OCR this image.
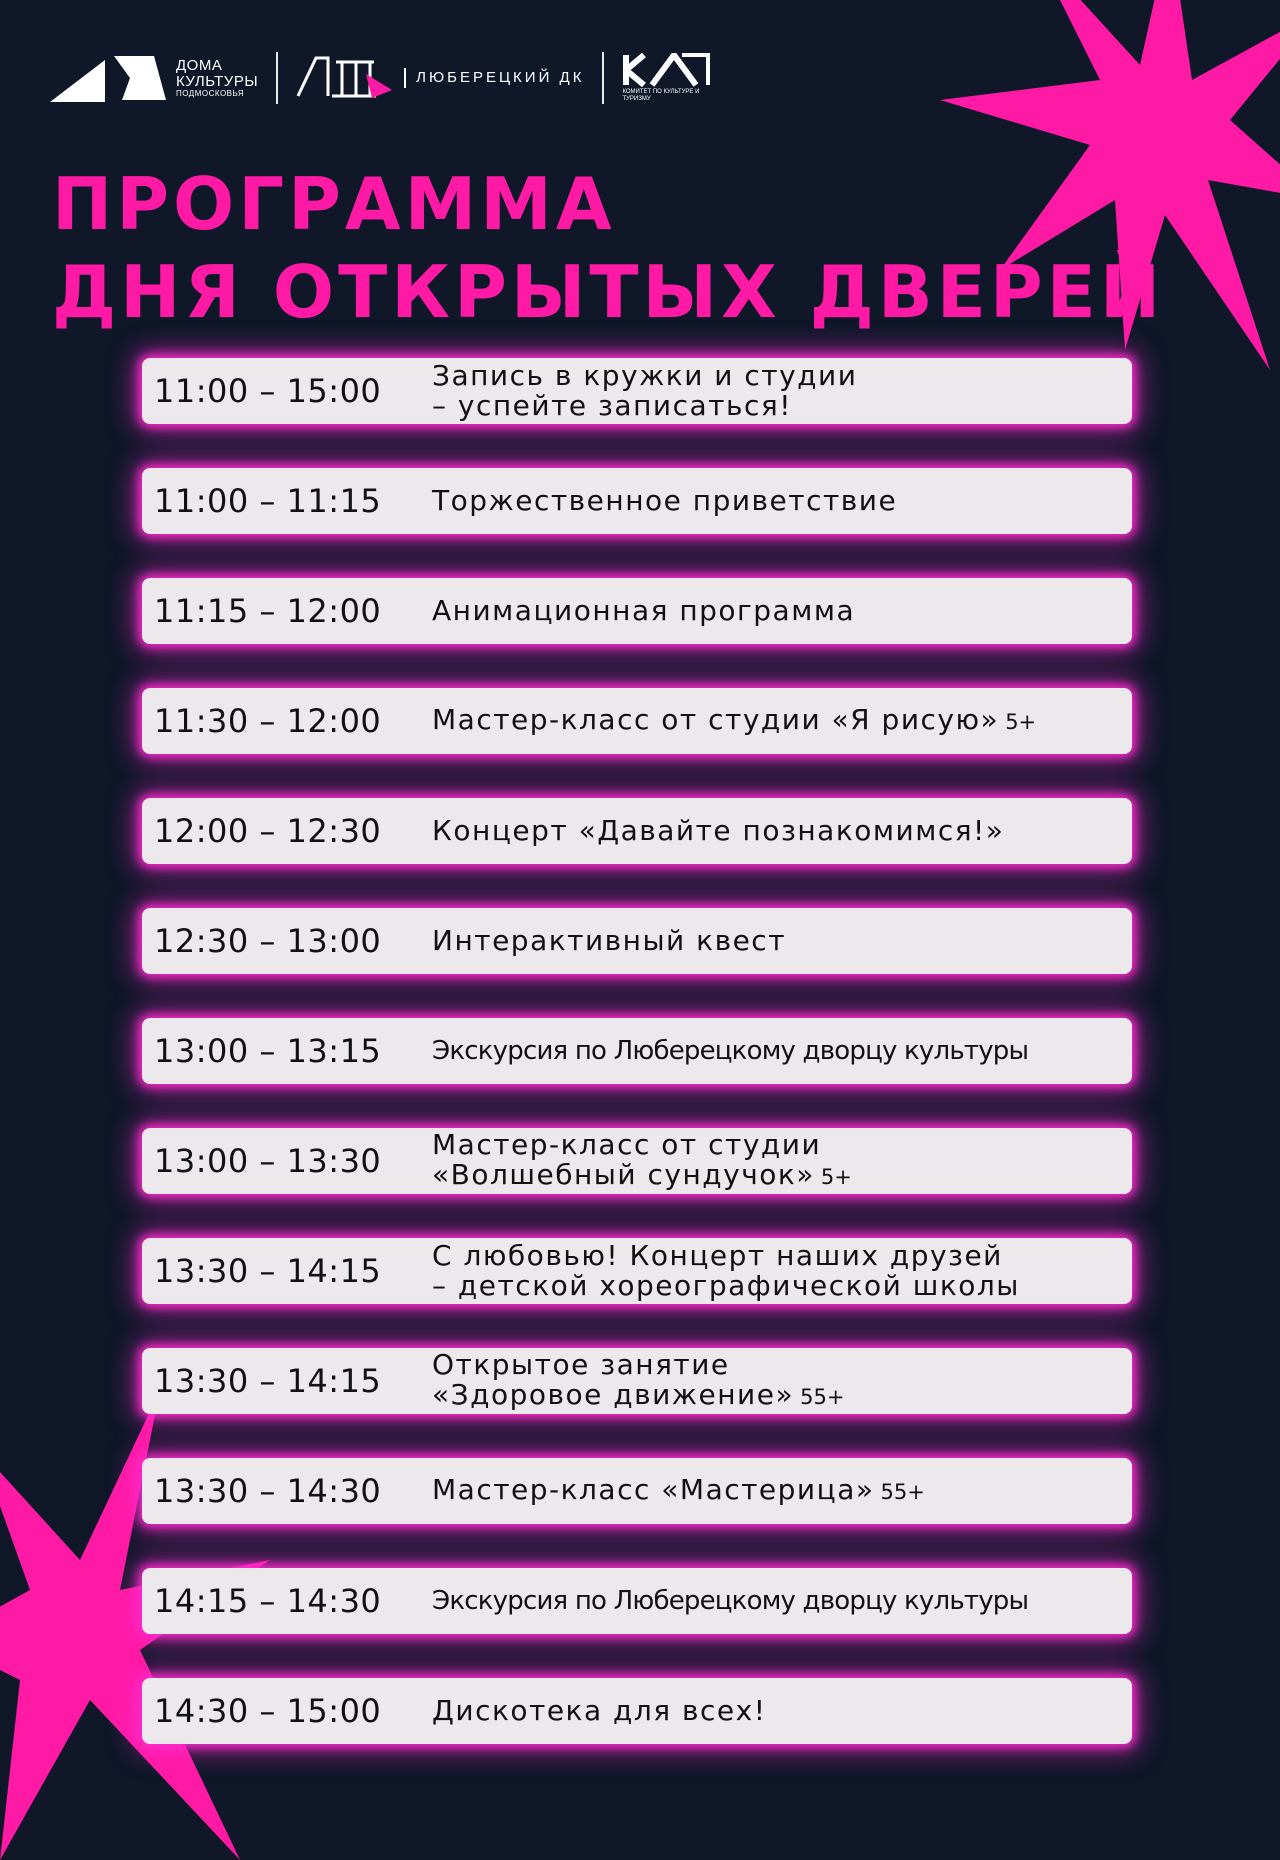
ДОМА
КУЛЬТУРЫ
ПОДМОСКОВЬЯ
ЛЮБЕРЕЦКИЙ ДК
КОМИТЕТ ПО КУЛЬТУРЕ И ТУРИЗМУ
ПРОГРАММА
ДНЯ ОТКРЫТЫХ ДВЕРЕЙ
11:00 – 15:00	Запись в кружки и студии
– успейте записаться!
11:00 – 11:15	Торжественное приветствие
11:15 – 12:00	Анимационная программа
11:30 – 12:00	Мастер-класс от студии «Я рисую» 5+
12:00 – 12:30	Концерт «Давайте познакомимся!»
12:30 – 13:00	Интерактивный квест
13:00 – 13:15	Экскурсия по Люберецкому дворцу культуры
13:00 – 13:30	Мастер-класс от студии
«Волшебный сундучок» 5+
13:30 – 14:15	С любовью! Концерт наших друзей
– детской хореографической школы
13:30 – 14:15	Открытое занятие
«Здоровое движение» 55+
13:30 – 14:30	Мастер-класс «Мастерица» 55+
14:15 – 14:30	Экскурсия по Люберецкому дворцу культуры
14:30 – 15:00	Дискотека для всех!
